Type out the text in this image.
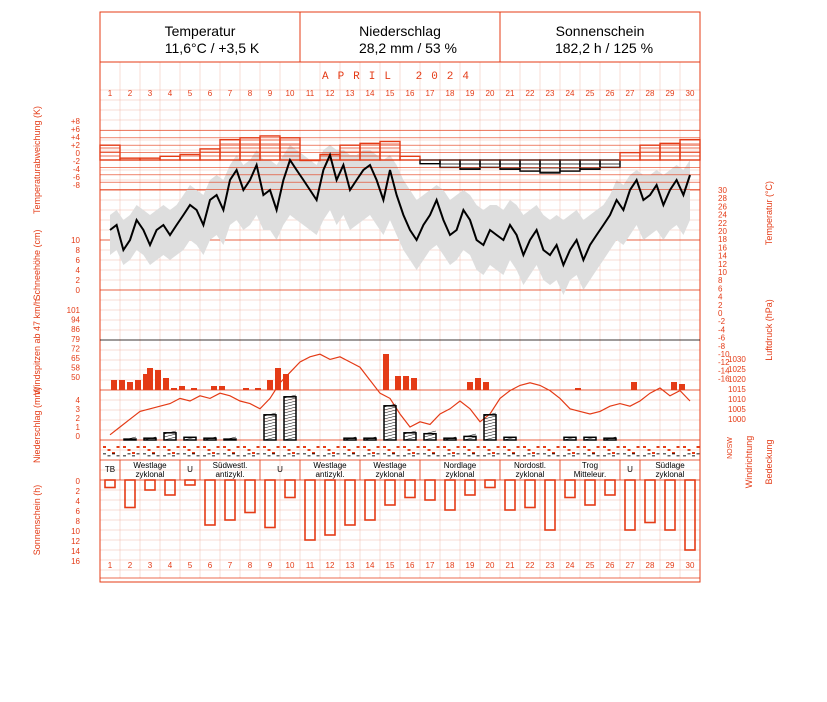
Temperatur
11,6°C / +3,5 K
Niederschlag
28,2 mm / 53 %
Sonnenschein
182,2 h / 125 %
APRIL 2024
1
1
2
2
3
3
4
4
5
5
6
6
7
7
8
8
9
9
10
10
11
11
12
12
13
13
14
14
15
15
16
16
17
17
18
18
19
19
20
20
21
21
22
22
23
23
24
24
25
25
26
26
27
27
28
28
29
29
30
30
+8
+6
+4
+2
0
-2
-4
-6
-8
30
28
26
24
22
20
18
16
14
12
10
8
6
4
2
0
-2
-4
-6
-8
-10
-12
-14
-16
10
8
6
4
2
0
1030
1025
1020
1015
1010
1005
1000
101
94
86
79
72
65
58
50
4
3
2
1
0
0
2
4
6
8
10
12
14
16
Temperaturabweichung (K)
Schneehöhe (cm)
Windspitzen ab 47 km/h
Niederschlag (mm)
Sonnenschein (h)
Temperatur (°C)
Luftdruck (hPa)
Windrichtung Bedeckung
NOSW
TB Westlage
zyklonal
U Südwestl.
antizykl.
U	Westlage
antizykl.
Westlage
zyklonal
Nordlage
zyklonal
Nordostl.
zyklonal
Trog
Mitteleur.
U	Südlage
zyklonal
